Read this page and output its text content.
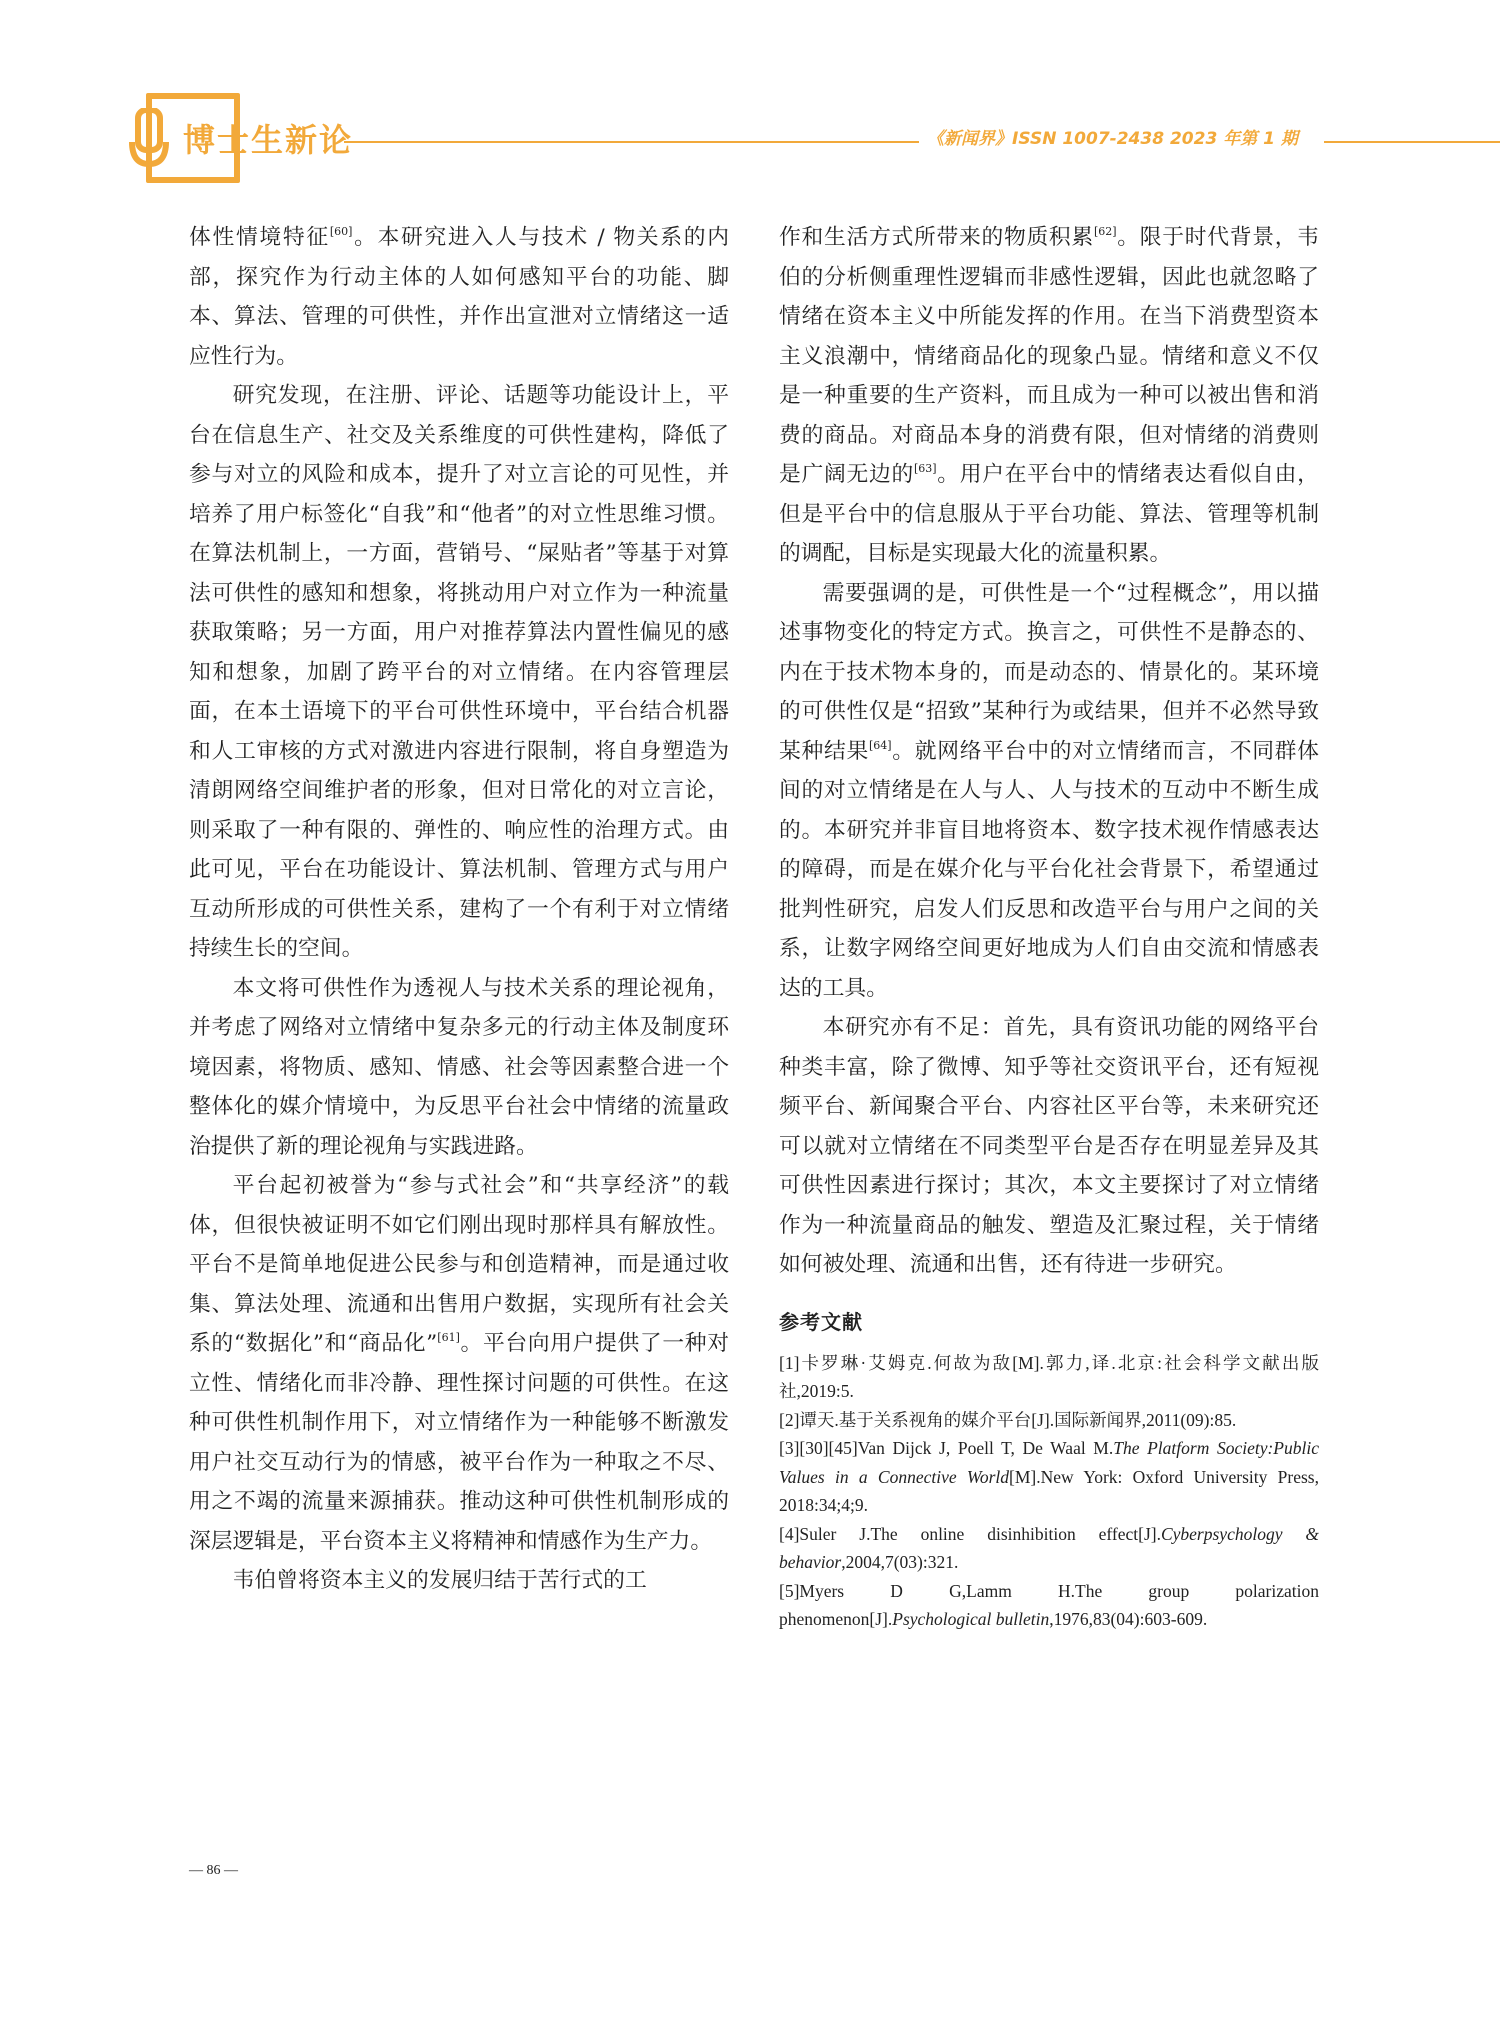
博士生新论	《新闻界》ISSN 1007-2438 2023 年第 1 期

体性情境特征[60]。本研究进入人与技术 / 物关系的内部，探究作为行动主体的人如何感知平台的功能、脚本、算法、管理的可供性，并作出宣泄对立情绪这一适应性行为。

研究发现，在注册、评论、话题等功能设计上，平台在信息生产、社交及关系维度的可供性建构，降低了参与对立的风险和成本，提升了对立言论的可见性，并培养了用户标签化“自我”和“他者”的对立性思维习惯。在算法机制上，一方面，营销号、“屎贴者”等基于对算法可供性的感知和想象，将挑动用户对立作为一种流量获取策略；另一方面，用户对推荐算法内置性偏见的感知和想象，加剧了跨平台的对立情绪。在内容管理层面，在本土语境下的平台可供性环境中，平台结合机器和人工审核的方式对激进内容进行限制，将自身塑造为清朗网络空间维护者的形象，但对日常化的对立言论，则采取了一种有限的、弹性的、响应性的治理方式。由此可见，平台在功能设计、算法机制、管理方式与用户互动所形成的可供性关系，建构了一个有利于对立情绪持续生长的空间。

本文将可供性作为透视人与技术关系的理论视角，并考虑了网络对立情绪中复杂多元的行动主体及制度环境因素，将物质、感知、情感、社会等因素整合进一个整体化的媒介情境中，为反思平台社会中情绪的流量政治提供了新的理论视角与实践进路。

平台起初被誉为“参与式社会”和“共享经济”的载体，但很快被证明不如它们刚出现时那样具有解放性。平台不是简单地促进公民参与和创造精神，而是通过收集、算法处理、流通和出售用户数据，实现所有社会关系的“数据化”和“商品化”[61]。平台向用户提供了一种对立性、情绪化而非冷静、理性探讨问题的可供性。在这种可供性机制作用下，对立情绪作为一种能够不断激发用户社交互动行为的情感，被平台作为一种取之不尽、用之不竭的流量来源捕获。推动这种可供性机制形成的深层逻辑是，平台资本主义将精神和情感作为生产力。

韦伯曾将资本主义的发展归结于苦行式的工

作和生活方式所带来的物质积累[62]。限于时代背景，韦伯的分析侧重理性逻辑而非感性逻辑，因此也就忽略了情绪在资本主义中所能发挥的作用。在当下消费型资本主义浪潮中，情绪商品化的现象凸显。情绪和意义不仅是一种重要的生产资料，而且成为一种可以被出售和消费的商品。对商品本身的消费有限，但对情绪的消费则是广阔无边的[63]。用户在平台中的情绪表达看似自由，但是平台中的信息服从于平台功能、算法、管理等机制的调配，目标是实现最大化的流量积累。

需要强调的是，可供性是一个“过程概念”，用以描述事物变化的特定方式。换言之，可供性不是静态的、内在于技术物本身的，而是动态的、情景化的。某环境的可供性仅是“招致”某种行为或结果，但并不必然导致某种结果[64]。就网络平台中的对立情绪而言，不同群体间的对立情绪是在人与人、人与技术的互动中不断生成的。本研究并非盲目地将资本、数字技术视作情感表达的障碍，而是在媒介化与平台化社会背景下，希望通过批判性研究，启发人们反思和改造平台与用户之间的关系，让数字网络空间更好地成为人们自由交流和情感表达的工具。

本研究亦有不足：首先，具有资讯功能的网络平台种类丰富，除了微博、知乎等社交资讯平台，还有短视频平台、新闻聚合平台、内容社区平台等，未来研究还可以就对立情绪在不同类型平台是否存在明显差异及其可供性因素进行探讨；其次，本文主要探讨了对立情绪作为一种流量商品的触发、塑造及汇聚过程，关于情绪如何被处理、流通和出售，还有待进一步研究。

参考文献
[1]卡罗琳·艾姆克.何故为敌[M].郭力,译.北京:社会科学文献出版社,2019:5.
[2]谭天.基于关系视角的媒介平台[J].国际新闻界,2011(09):85.
[3][30][45]Van Dijck J, Poell T, De Waal M.The Platform Society:Public Values in a Connective World[M].New York: Oxford University Press, 2018:34;4;9.
[4]Suler J.The online disinhibition effect[J].Cyberpsychology & behavior,2004,7(03):321.
[5]Myers D G,Lamm H.The group polarization phenomenon[J].Psychological bulletin,1976,83(04):603-609.
— 86 —
